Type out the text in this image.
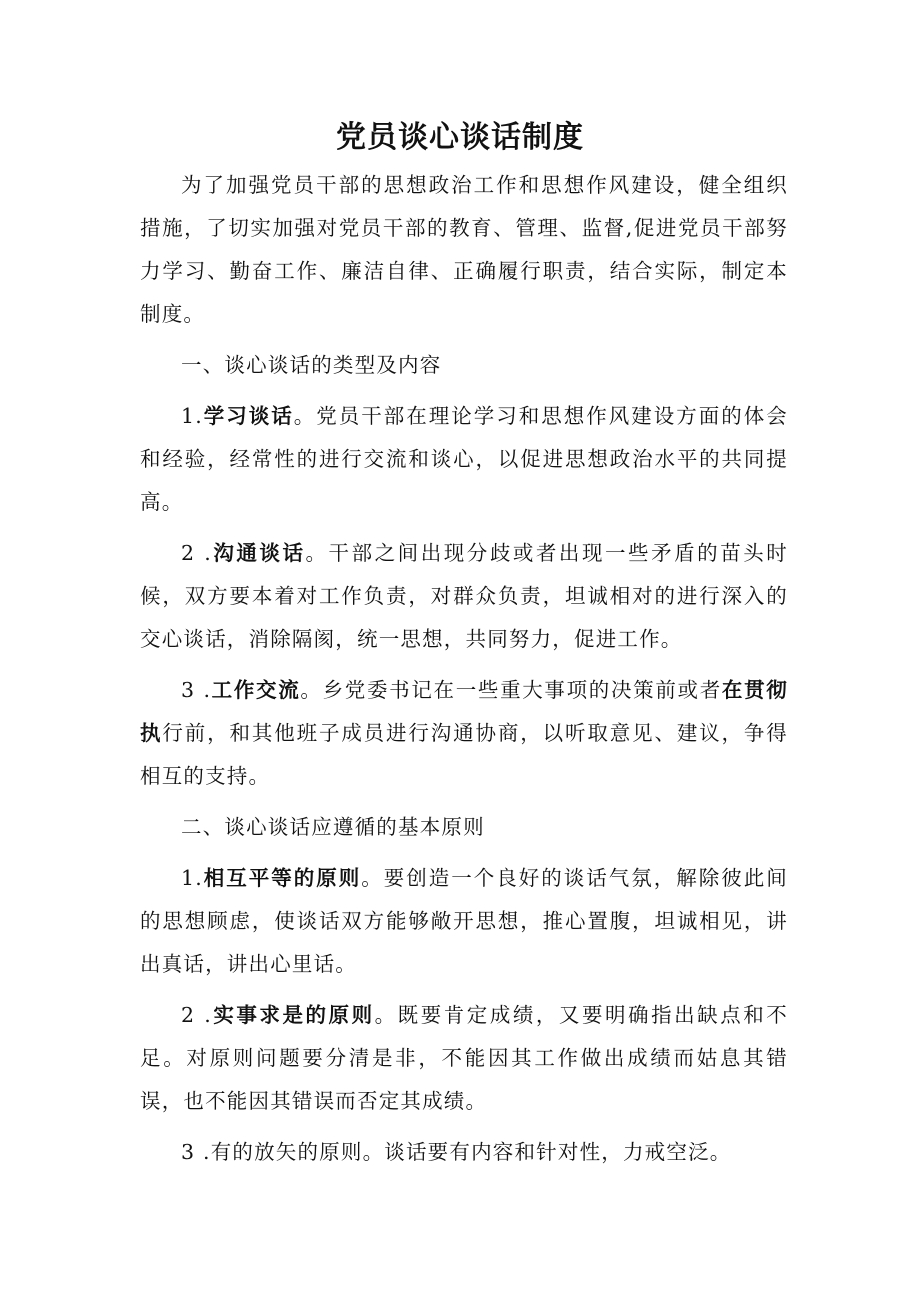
党员谈心谈话制度

为了加强党员干部的思想政治工作和思想作风建设，健全组织措施，了切实加强对党员干部的教育、管理、监督,促进党员干部努力学习、勤奋工作、廉洁自律、正确履行职责，结合实际，制定本制度。

一、谈心谈话的类型及内容

1.学习谈话。党员干部在理论学习和思想作风建设方面的体会和经验，经常性的进行交流和谈心，以促进思想政治水平的共同提高。

2 .沟通谈话。干部之间出现分歧或者出现一些矛盾的苗头时候，双方要本着对工作负责，对群众负责，坦诚相对的进行深入的交心谈话，消除隔阂，统一思想，共同努力，促进工作。

3 .工作交流。乡党委书记在一些重大事项的决策前或者在贯彻执行前，和其他班子成员进行沟通协商，以听取意见、建议，争得相互的支持。

二、谈心谈话应遵循的基本原则

1.相互平等的原则。要创造一个良好的谈话气氛，解除彼此间的思想顾虑，使谈话双方能够敞开思想，推心置腹，坦诚相见，讲出真话，讲出心里话。

2 .实事求是的原则。既要肯定成绩，又要明确指出缺点和不足。对原则问题要分清是非，不能因其工作做出成绩而姑息其错误，也不能因其错误而否定其成绩。

3 .有的放矢的原则。谈话要有内容和针对性，力戒空泛。
